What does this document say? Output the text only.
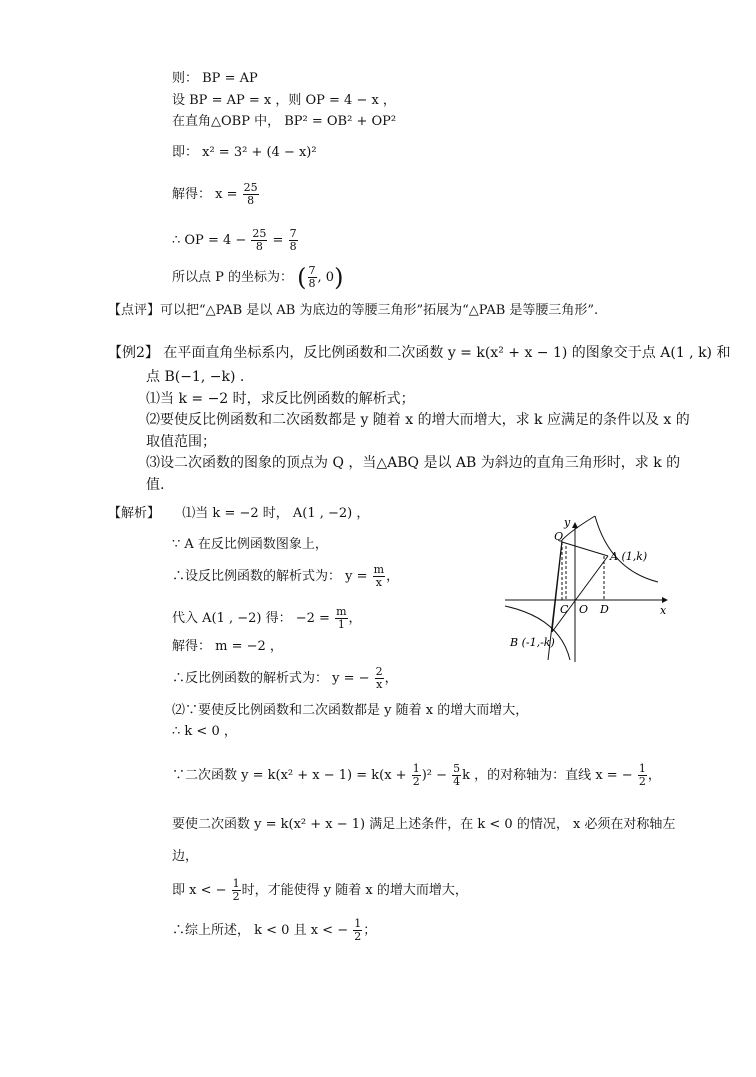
则： BP = AP
设 BP = AP = x ，则 OP = 4 − x ，
在直角△OBP 中， BP² = OB² + OP²
即： x² = 3² + (4 − x)²
解得： $x = \frac{25}{8}$
∴ OP = $4 - \frac{25}{8} = \frac{7}{8}$
所以点 P 的坐标为： ( $\frac{7}{8}$ , 0)
【点评】可以把“△PAB 是以 AB 为底边的等腰三角形”拓展为“△PAB 是等腰三角形”.
【例2】 在平面直角坐标系内，反比例函数和二次函数 y = k(x² + x − 1) 的图象交于点 A(1 , k) 和
点 B(−1, −k) .
⑴当 k = −2 时，求反比例函数的解析式；
⑵要使反比例函数和二次函数都是 y 随着 x 的增大而增大，求 k 应满足的条件以及 x 的
取值范围；
⑶设二次函数的图象的顶点为 Q ，当△ABQ 是以 AB 为斜边的直角三角形时，求 k 的
值.
【解析】 ⑴当 k = −2 时， A(1 , −2) ，
∵ A 在反比例函数图象上，
∴设反比例函数的解析式为： $y = \frac{m}{x}$ ，
代入 A(1 , −2) 得： $-2 = \frac{m}{1}$ ，
解得： m = −2 ，
∴反比例函数的解析式为： y = − $\frac{2}{x}$ ，
⑵∵要使反比例函数和二次函数都是 y 随着 x 的增大而增大，
∴ k < 0 ，
∵二次函数 $y = k(x^2 + x - 1) = k(x + \frac{1}{2} )^2 - \frac{5}{4}$ k ，的对称轴为：直线 x = − $\frac{1}{2}$ ，
要使二次函数 y = k(x² + x − 1) 满足上述条件，在 k < 0 的情况， x 必须在对称轴左
边，
即 x < − $\frac{1}{2}$ 时，才能使得 y 随着 x 的增大而增大，
∴综上所述， k < 0 且 x < − $\frac{1}{2}$ ；
y
x
Q
A (1,k)
C O D
B (-1,-k)
